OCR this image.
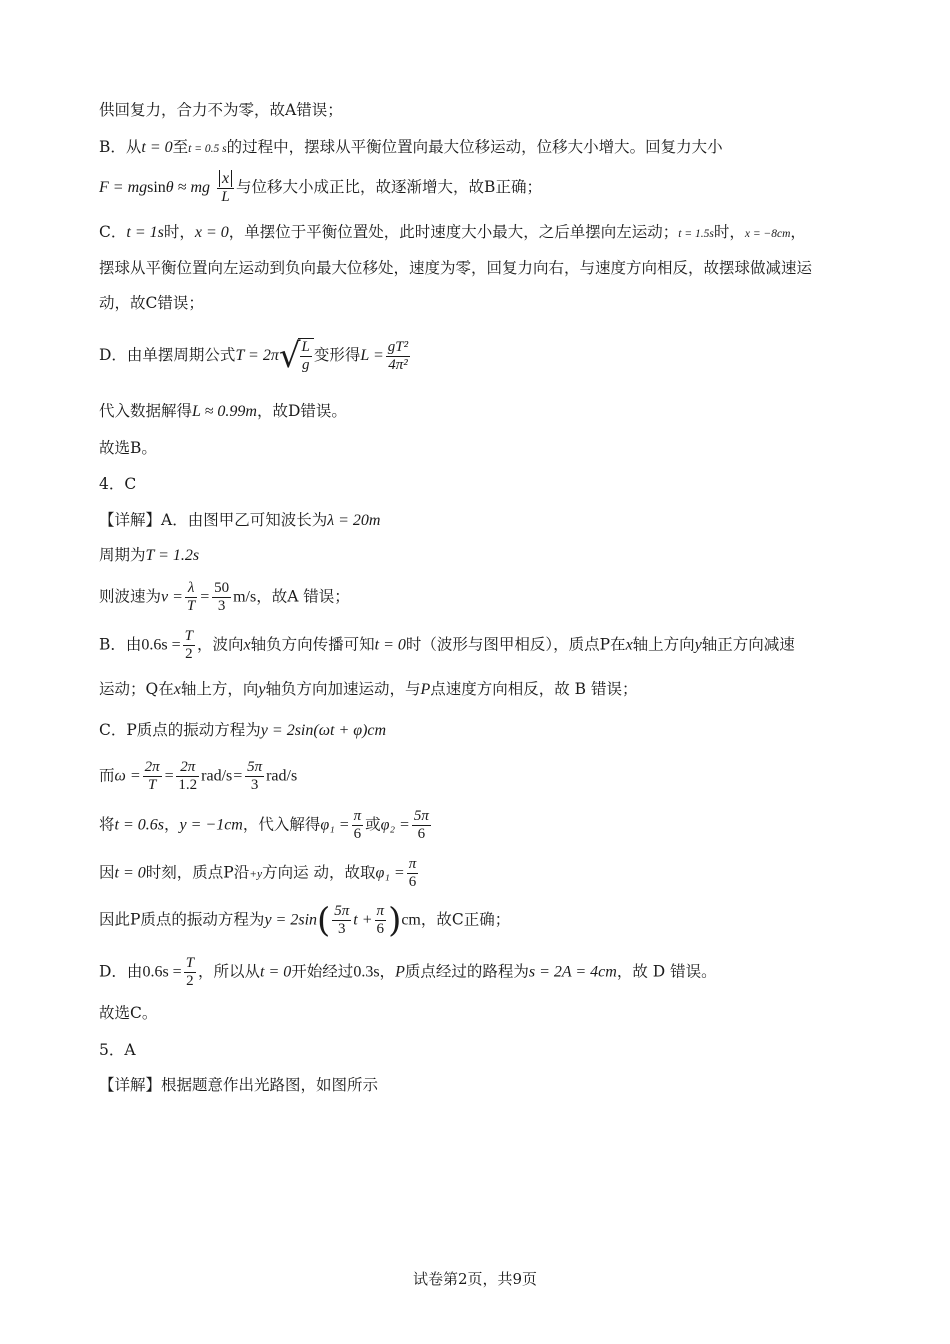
供回复力，合力不为零，故A错误；
B．从t = 0至t = 0.5 s的过程中，摆球从平衡位置向最大位移运动，位移大小增大。回复力大小
F = mgsinθ ≈ mg $\frac{x}{L}$ 与位移大小成正比，故逐渐增大，故B正确；
C．t = 1s时，x = 0，单摆位于平衡位置处，此时速度大小最大，之后单摆向左运动；t = 1.5s时，x = −8cm，
摆球从平衡位置向左运动到负向最大位移处，速度为零，回复力向右，与速度方向相反，故摆球做减速运
动，故C错误；
D．由单摆周期公式$T = 2\pi√ \frac{L}{g}$ 变形得$L = \frac{\text{gT²}}{\text{4π²}}$
代入数据解得L ≈ 0.99m，故D错误。
故选B。
4．C
【详解】A．由图甲乙可知波长为λ = 20m
周期为T = 1.2s
则波速为$v = \frac{\lambda}{T} = \frac{50}{3} m/s$，故A 错误；
B．由$0.6s = \frac{T}{2}$ ，波向x轴负方向传播可知t = 0时（波形与图甲相反），质点P在x轴上方向y轴正方向减速
运动；Q在x轴上方，向y轴负方向加速运动，与P点速度方向相反，故 B 错误；
C．P质点的振动方程为y = 2sin(ωt + φ)cm
而$\omega = \frac{2\pi}{T} = \frac{2\pi}{1.2} rad/s= \frac{5\pi}{3} rad/s$
将t = 0.6s，y = −1cm，代入解得$\varphi_1 = \frac{\pi}{6}$ 或$\varphi_2 = \frac{5\pi}{6}$
因t = 0时刻，质点P沿+y方向运 动，故取$\varphi_1 = \frac{\pi}{6}$
因此P质点的振动方程为$y = 2\sin( \frac{5\pi}{3}$ $t + \frac{\pi}{6} )cm$，故C正确；
D．由$0.6s = \frac{T}{2}$ ，所以从t = 0开始经过0.3s，P质点经过的路程为s = 2A = 4cm，故 D 错误。
故选C。
5．A
【详解】根据题意作出光路图，如图所示
试卷第2页，共9页
